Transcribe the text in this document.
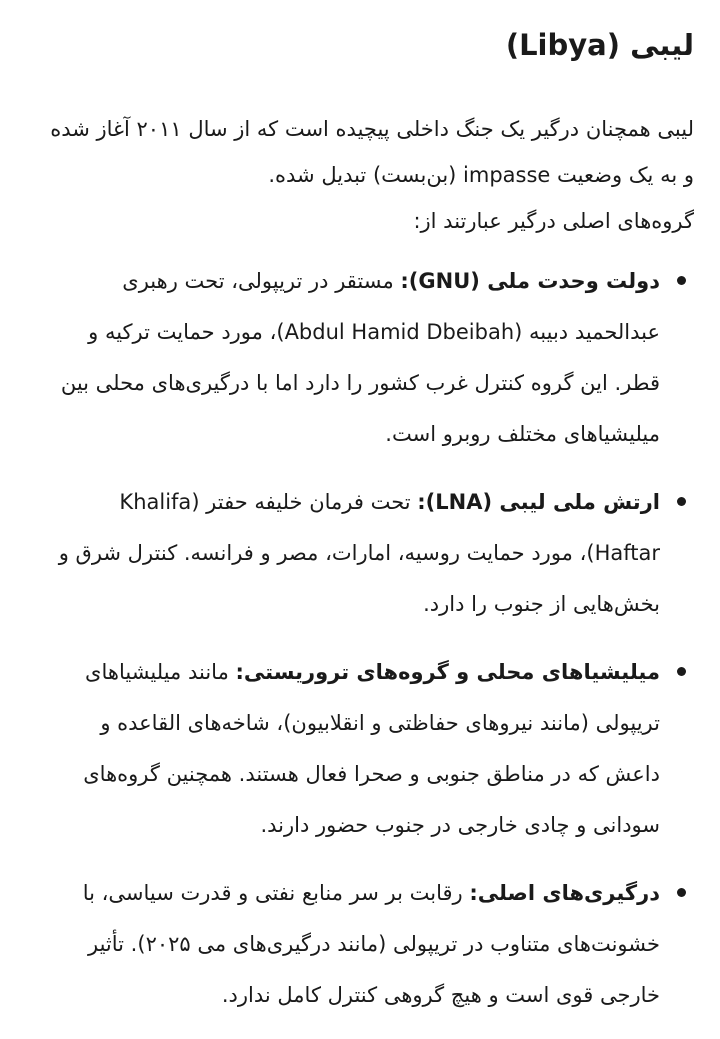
لیبی (Libya)

لیبی همچنان درگیر یک جنگ داخلی پیچیده است که از سال ۲۰۱۱ آغاز شده و به یک وضعیت impasse (بن‌بست) تبدیل شده.

گروه‌های اصلی درگیر عبارتند از:

دولت وحدت ملی (GNU): مستقر در تریپولی، تحت رهبری عبدالحمید دبیبه (Abdul Hamid Dbeibah)، مورد حمایت ترکیه و قطر. این گروه کنترل غرب کشور را دارد اما با درگیری‌های محلی بین میلیشیاهای مختلف روبرو است.
ارتش ملی لیبی (LNA): تحت فرمان خلیفه حفتر (Khalifa Haftar)، مورد حمایت روسیه، امارات، مصر و فرانسه. کنترل شرق و بخش‌هایی از جنوب را دارد.
میلیشیاهای محلی و گروه‌های تروریستی: مانند میلیشیاهای تریپولی (مانند نیروهای حفاظتی و انقلابیون)، شاخه‌های القاعده و داعش که در مناطق جنوبی و صحرا فعال هستند. همچنین گروه‌های سودانی و چادی خارجی در جنوب حضور دارند.
درگیری‌های اصلی: رقابت بر سر منابع نفتی و قدرت سیاسی، با خشونت‌های متناوب در تریپولی (مانند درگیری‌های می ۲۰۲۵). تأثیر خارجی قوی است و هیچ گروهی کنترل کامل ندارد.
